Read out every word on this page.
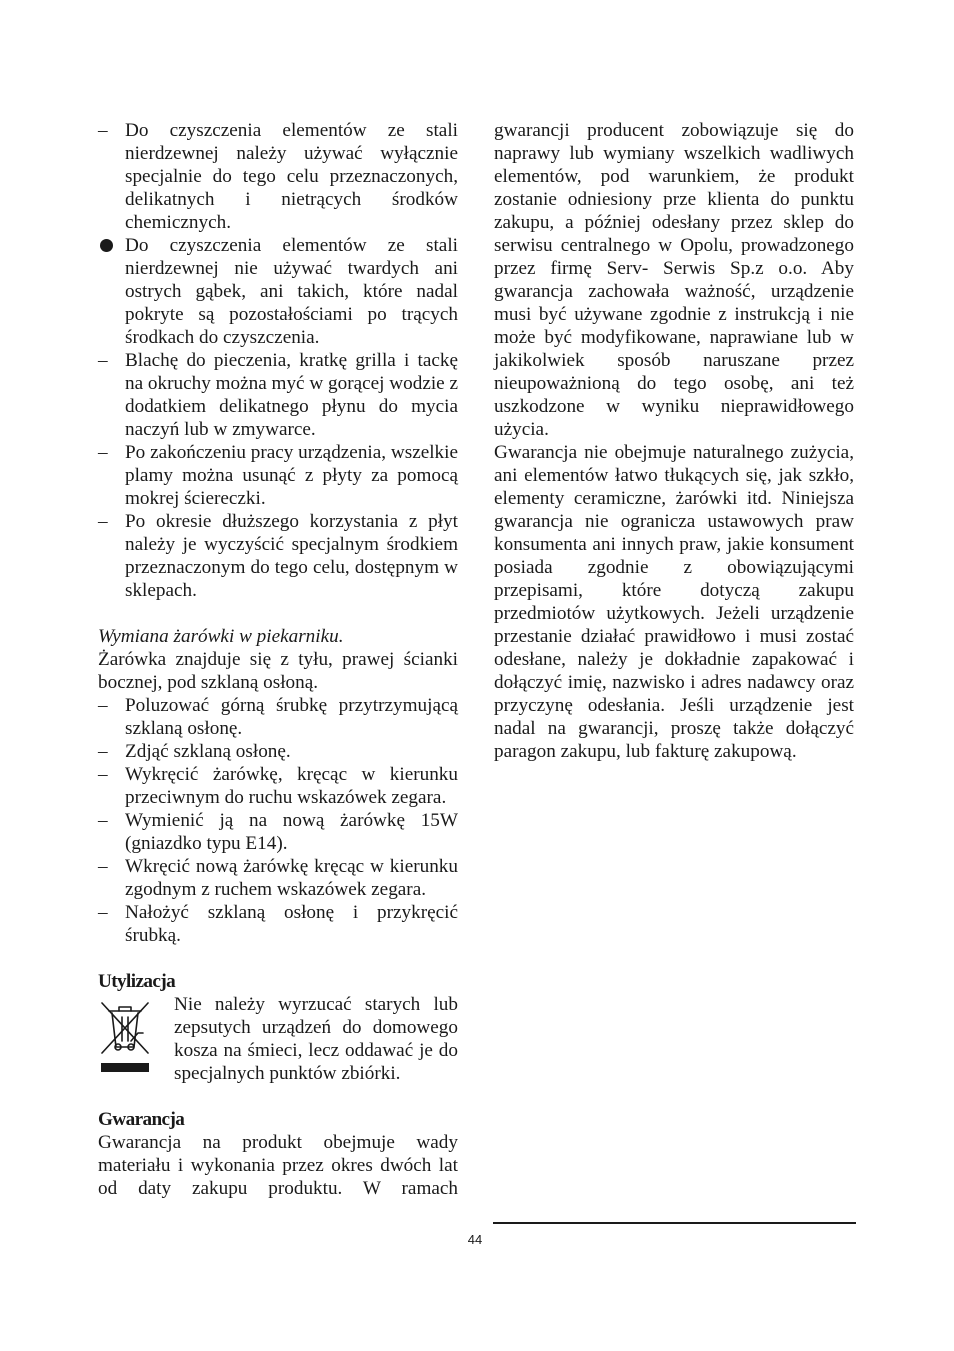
– Do czyszczenia elementów ze stali nierdzewnej należy używać wyłącznie specjalnie do tego celu przeznaczonych, delikatnych i nietrących środków chemicznych.
Do czyszczenia elementów ze stali nierdzewnej nie używać twardych ani ostrych gąbek, ani takich, które nadal pokryte są pozostałościami po trących środkach do czyszczenia.
– Blachę do pieczenia, kratkę grilla i tackę na okruchy można myć w gorącej wodzie z dodatkiem delikatnego płynu do mycia naczyń lub w zmywarce.
– Po zakończeniu pracy urządzenia, wszelkie plamy można usunąć z płyty za pomocą mokrej ściereczki.
– Po okresie dłuższego korzystania z płyt należy je wyczyścić specjalnym środkiem przeznaczonym do tego celu, dostępnym w sklepach.
Wymiana żarówki w piekarniku.
Żarówka znajduje się z tyłu, prawej ścianki bocznej, pod szklaną osłoną.
– Poluzować górną śrubkę przytrzymującą szklaną osłonę.
– Zdjąć szklaną osłonę.
– Wykręcić żarówkę, kręcąc w kierunku przeciwnym do ruchu wskazówek zegara.
– Wymienić ją na nową żarówkę 15W (gniazdko typu E14).
– Wkręcić nową żarówkę kręcąc w kierunku zgodnym z ruchem wskazówek zegara.
– Nałożyć szklaną osłonę i przykręcić śrubką.
Utylizacja
Nie należy wyrzucać starych lub zepsutych urządzeń do domowego kosza na śmieci, lecz oddawać je do specjalnych punktów zbiórki.
Gwarancja
Gwarancja na produkt obejmuje wady materiału i wykonania przez okres dwóch lat od daty zakupu produktu. W ramach
gwarancji producent zobowiązuje się do naprawy lub wymiany wszelkich wadliwych elementów, pod warunkiem, że produkt zostanie odniesiony prze klienta do punktu zakupu, a później odesłany przez sklep do serwisu centralnego w Opolu, prowadzonego przez firmę Serv- Serwis Sp.z o.o. Aby gwarancja zachowała ważność, urządzenie musi być używane zgodnie z instrukcją i nie może być modyfikowane, naprawiane lub w jakikolwiek sposób naruszane przez nieupoważnioną do tego osobę, ani też uszkodzone w wyniku nieprawidłowego użycia.
Gwarancja nie obejmuje naturalnego zużycia, ani elementów łatwo tłukących się, jak szkło, elementy ceramiczne, żarówki itd. Niniejsza gwarancja nie ogranicza ustawowych praw konsumenta ani innych praw, jakie konsument posiada zgodnie z obowiązującymi przepisami, które dotyczą zakupu przedmiotów użytkowych. Jeżeli urządzenie przestanie działać prawidłowo i musi zostać odesłane, należy je dokładnie zapakować i dołączyć imię, nazwisko i adres nadawcy oraz przyczynę odesłania. Jeśli urządzenie jest nadal na gwarancji, proszę także dołączyć paragon zakupu, lub fakturę zakupową.
44
